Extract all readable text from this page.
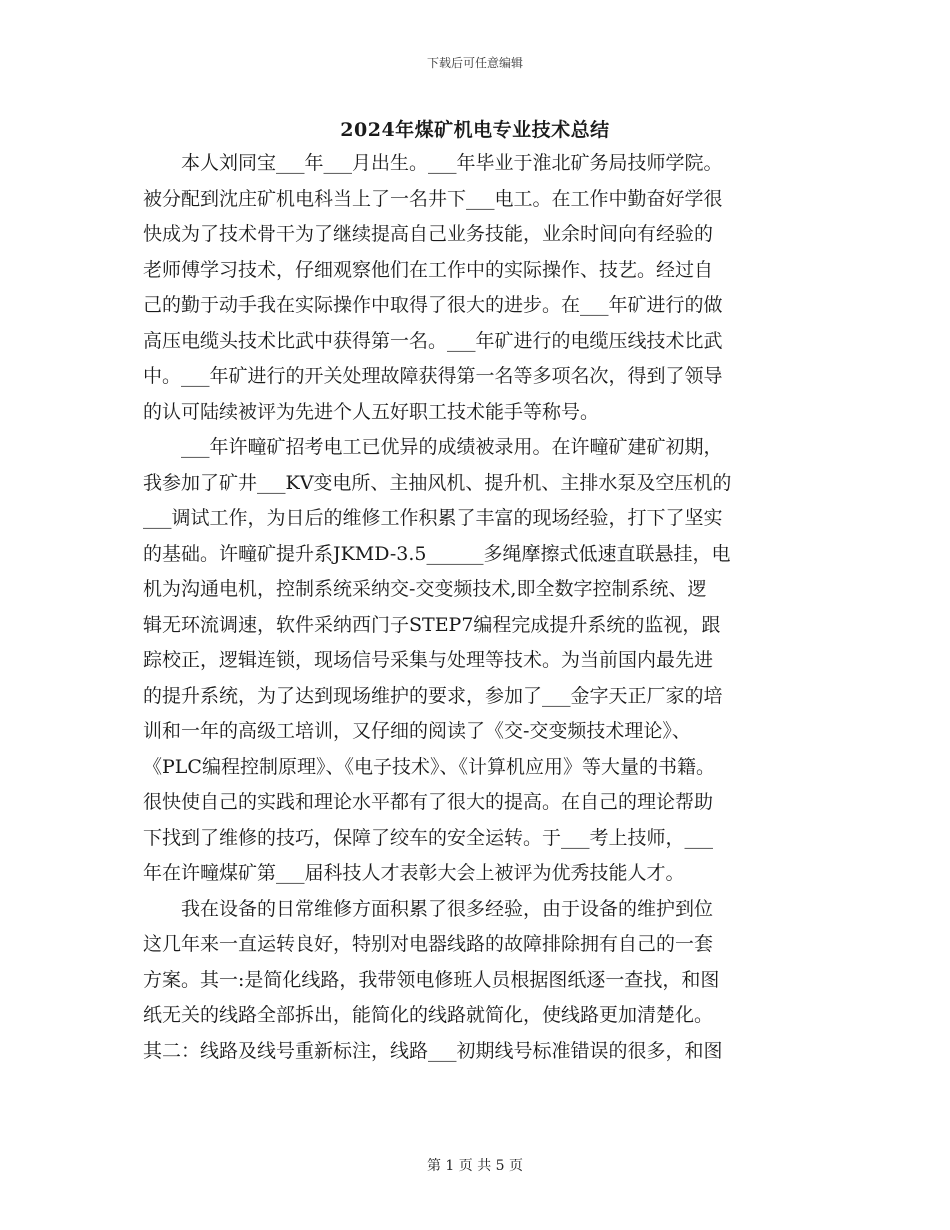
下载后可任意编辑
2024年煤矿机电专业技术总结
　　本人刘同宝___年___月出生。___年毕业于淮北矿务局技师学院。
被分配到沈庄矿机电科当上了一名井下___电工。在工作中勤奋好学很
快成为了技术骨干为了继续提高自己业务技能，业余时间向有经验的
老师傅学习技术，仔细观察他们在工作中的实际操作、技艺。经过自
己的勤于动手我在实际操作中取得了很大的进步。在___年矿进行的做
高压电缆头技术比武中获得第一名。___年矿进行的电缆压线技术比武
中。___年矿进行的开关处理故障获得第一名等多项名次，得到了领导
的认可陆续被评为先进个人五好职工技术能手等称号。
　　___年许疃矿招考电工已优异的成绩被录用。在许疃矿建矿初期，
我参加了矿井___KV变电所、主抽风机、提升机、主排水泵及空压机的
___调试工作，为日后的维修工作积累了丰富的现场经验，打下了坚实
的基础。许疃矿提升系JKMD-3.5______多绳摩擦式低速直联悬挂，电
机为沟通电机，控制系统采纳交-交变频技术,即全数字控制系统、逻
辑无环流调速，软件采纳西门子STEP7编程完成提升系统的监视，跟
踪校正，逻辑连锁，现场信号采集与处理等技术。为当前国内最先进
的提升系统，为了达到现场维护的要求，参加了___金字天正厂家的培
训和一年的高级工培训，又仔细的阅读了《交-交变频技术理论》、
《PLC编程控制原理》、《电子技术》、《计算机应用》等大量的书籍。
很快使自己的实践和理论水平都有了很大的提高。在自己的理论帮助
下找到了维修的技巧，保障了绞车的安全运转。于___考上技师，___
年在许疃煤矿第___届科技人才表彰大会上被评为优秀技能人才。
　　我在设备的日常维修方面积累了很多经验，由于设备的维护到位
这几年来一直运转良好，特别对电器线路的故障排除拥有自己的一套
方案。其一:是简化线路，我带领电修班人员根据图纸逐一查找，和图
纸无关的线路全部拆出，能简化的线路就简化，使线路更加清楚化。
其二：线路及线号重新标注，线路___初期线号标准错误的很多，和图
第 1 页 共 5 页
